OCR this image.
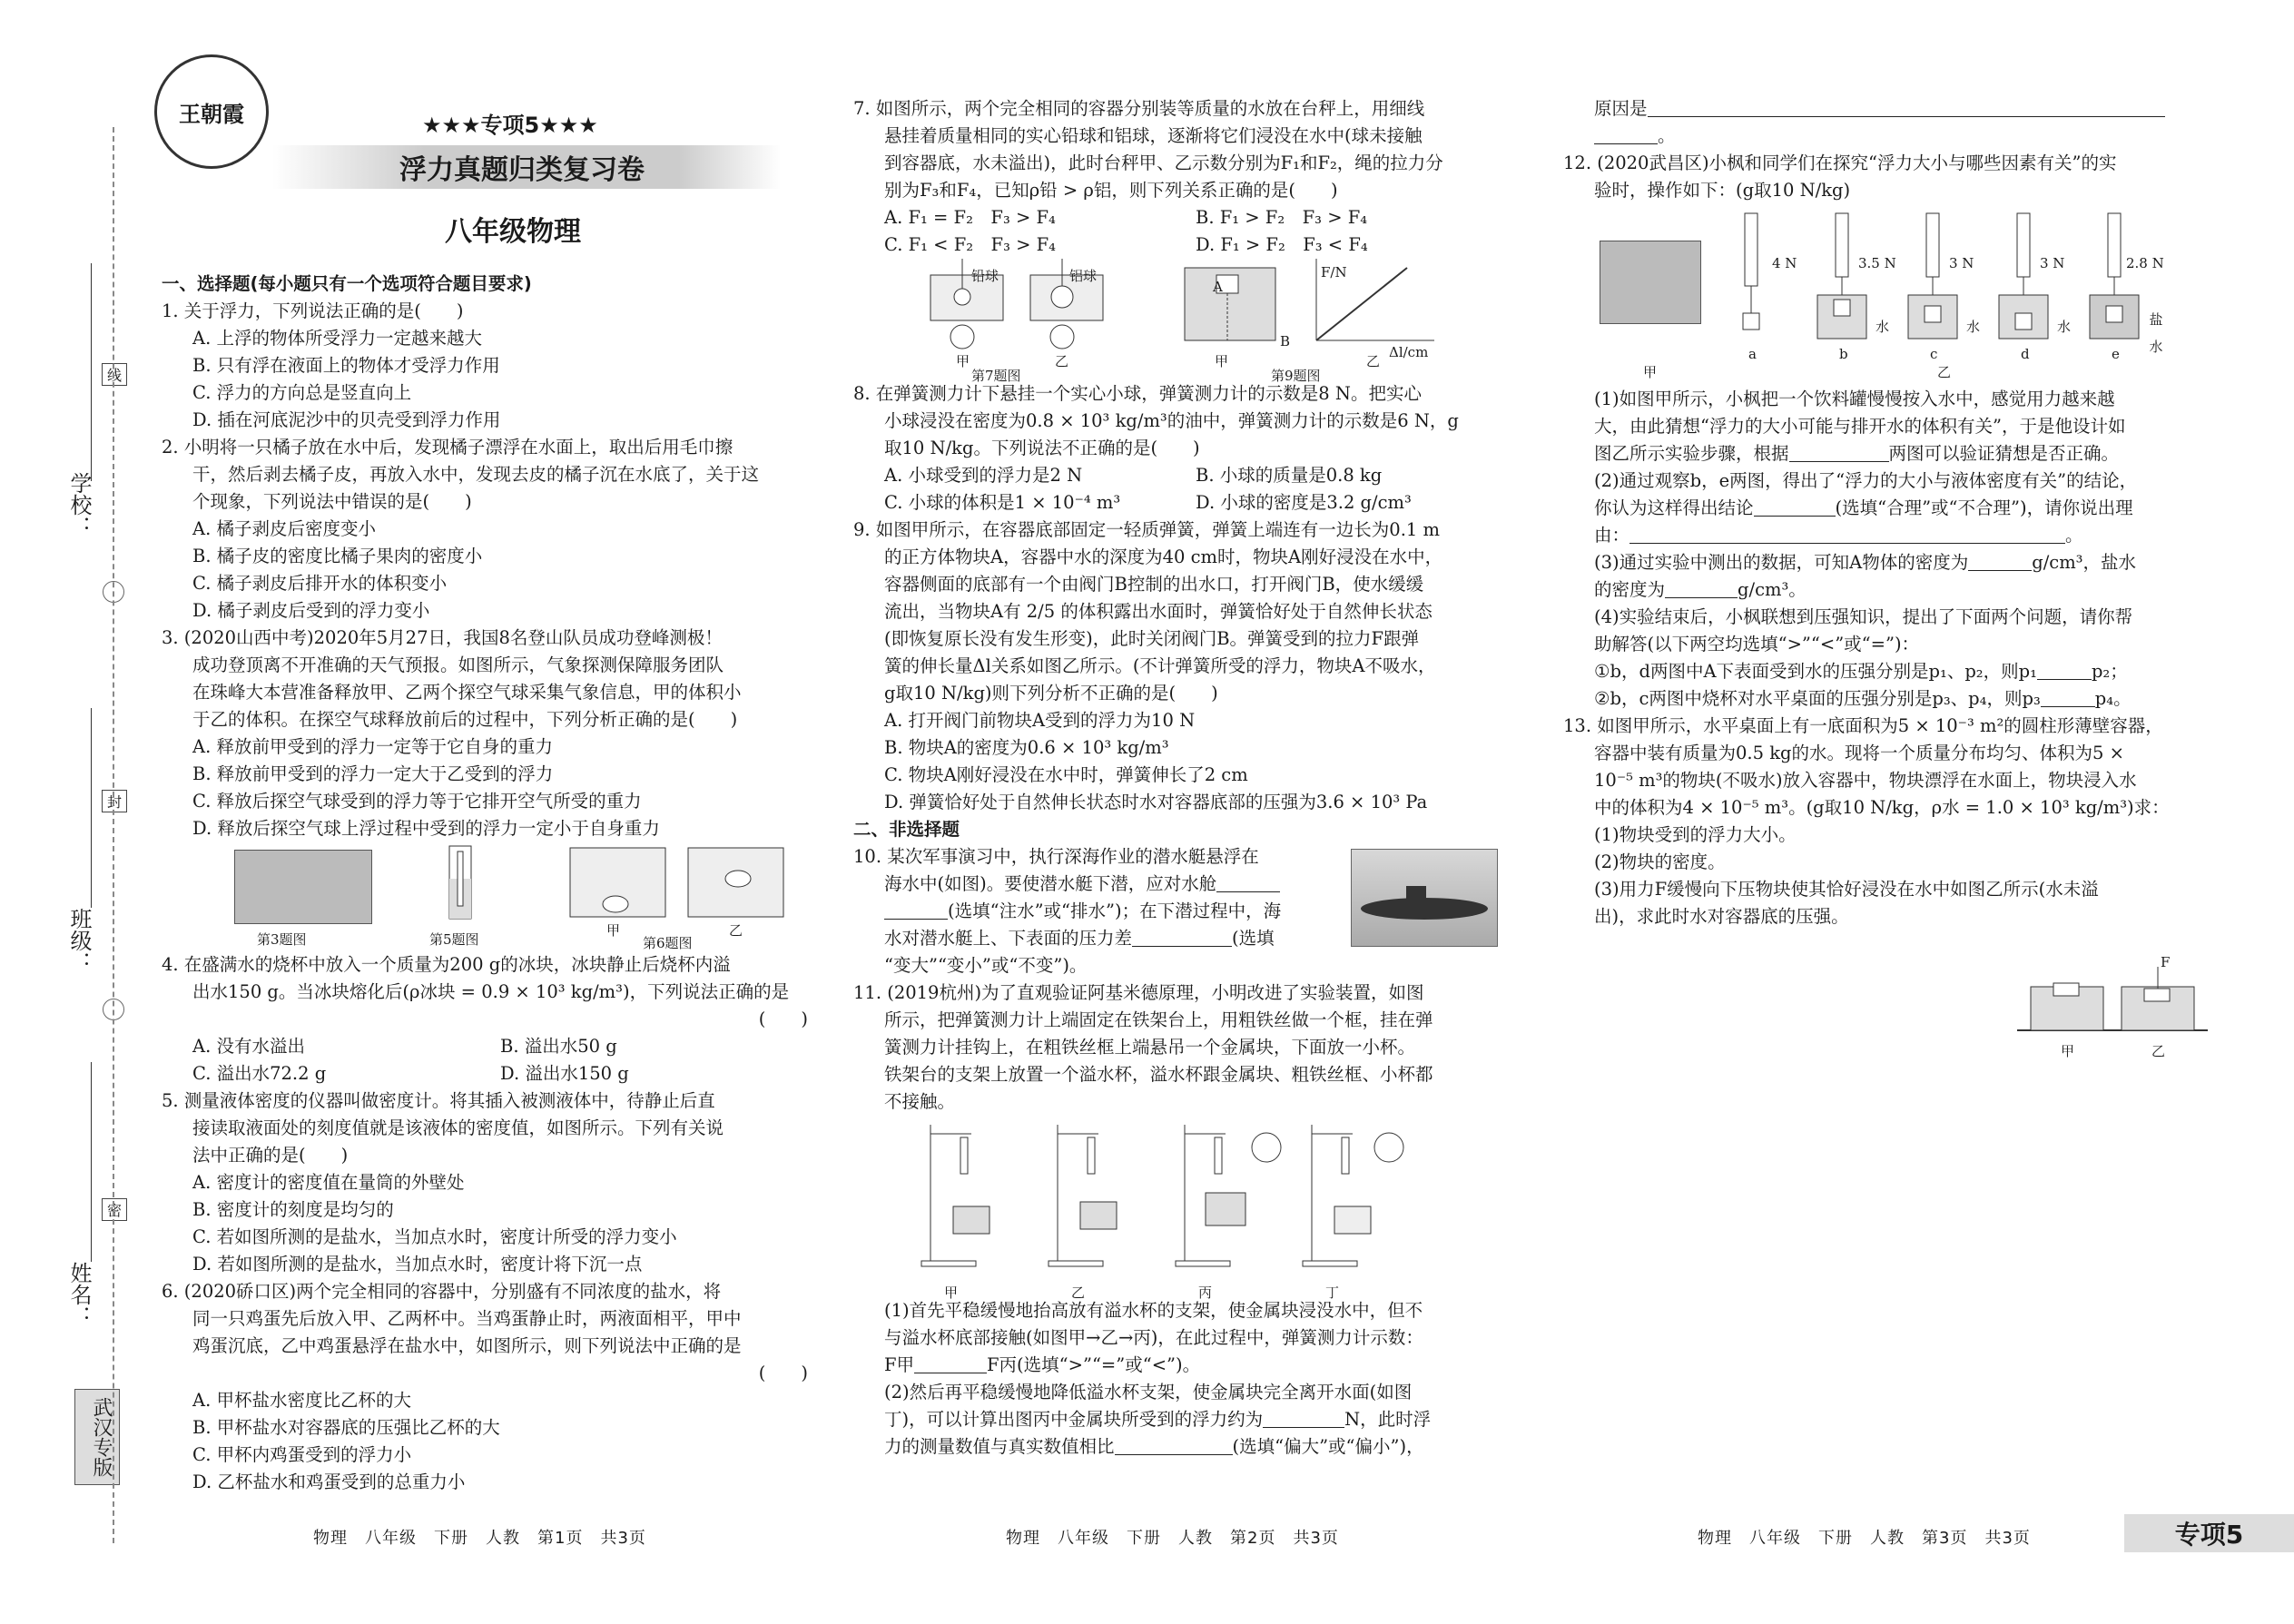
学校：
班级：
姓名：
线
封
密
武汉专版
王朝霞	★★★专项5★★★
浮力真题归类复习卷
八年级物理

一、选择题(每小题只有一个选项符合题目要求)

1. 关于浮力，下列说法正确的是(　　)

A. 上浮的物体所受浮力一定越来越大

B. 只有浮在液面上的物体才受浮力作用

C. 浮力的方向总是竖直向上

D. 插在河底泥沙中的贝壳受到浮力作用

2. 小明将一只橘子放在水中后，发现橘子漂浮在水面上，取出后用毛巾擦

干，然后剥去橘子皮，再放入水中，发现去皮的橘子沉在水底了，关于这

个现象，下列说法中错误的是(　　)

A. 橘子剥皮后密度变小

B. 橘子皮的密度比橘子果肉的密度小

C. 橘子剥皮后排开水的体积变小

D. 橘子剥皮后受到的浮力变小

3. (2020山西中考)2020年5月27日，我国8名登山队员成功登峰测极！

成功登顶离不开准确的天气预报。如图所示，气象探测保障服务团队

在珠峰大本营准备释放甲、乙两个探空气球采集气象信息，甲的体积小

于乙的体积。在探空气球释放前后的过程中，下列分析正确的是(　　)

A. 释放前甲受到的浮力一定等于它自身的重力

B. 释放前甲受到的浮力一定大于乙受到的浮力

C. 释放后探空气球受到的浮力等于它排开空气所受的重力

D. 释放后探空气球上浮过程中受到的浮力一定小于自身重力

第3题图	第5题图
甲	乙
第6题图

4. 在盛满水的烧杯中放入一个质量为200 g的冰块，冰块静止后烧杯内溢

出水150 g。当冰块熔化后(ρ冰块 = 0.9 × 10³ kg/m³)，下列说法正确的是

(　　)

A. 没有水溢出	B. 溢出水50 g

C. 溢出水72.2 g	D. 溢出水150 g

5. 测量液体密度的仪器叫做密度计。将其插入被测液体中，待静止后直

接读取液面处的刻度值就是该液体的密度值，如图所示。下列有关说

法中正确的是(　　)

A. 密度计的密度值在量筒的外壁处

B. 密度计的刻度是均匀的

C. 若如图所测的是盐水，当加点水时，密度计所受的浮力变小

D. 若如图所测的是盐水，当加点水时，密度计将下沉一点

6. (2020硚口区)两个完全相同的容器中，分别盛有不同浓度的盐水，将

同一只鸡蛋先后放入甲、乙两杯中。当鸡蛋静止时，两液面相平，甲中

鸡蛋沉底，乙中鸡蛋悬浮在盐水中，如图所示，则下列说法中正确的是

(　　)

A. 甲杯盐水密度比乙杯的大

B. 甲杯盐水对容器底的压强比乙杯的大

C. 甲杯内鸡蛋受到的浮力小

D. 乙杯盐水和鸡蛋受到的总重力小

7. 如图所示，两个完全相同的容器分别装等质量的水放在台秤上，用细线

悬挂着质量相同的实心铅球和铝球，逐渐将它们浸没在水中(球未接触

到容器底，水未溢出)，此时台秤甲、乙示数分别为F₁和F₂，绳的拉力分

别为F₃和F₄，已知ρ铅 > ρ铝，则下列关系正确的是(　　)

A. F₁ = F₂　F₃ > F₄	B. F₁ > F₂　F₃ > F₄

C. F₁ < F₂　F₃ > F₄	D. F₁ > F₂　F₃ < F₄

铅球	铝球
甲	乙
第7题图
A
B
F/N
Δl/cm
甲	乙
第9题图

8. 在弹簧测力计下悬挂一个实心小球，弹簧测力计的示数是8 N。把实心

小球浸没在密度为0.8 × 10³ kg/m³的油中，弹簧测力计的示数是6 N，g

取10 N/kg。下列说法不正确的是(　　)

A. 小球受到的浮力是2 N	B. 小球的质量是0.8 kg

C. 小球的体积是1 × 10⁻⁴ m³	D. 小球的密度是3.2 g/cm³

9. 如图甲所示，在容器底部固定一轻质弹簧，弹簧上端连有一边长为0.1 m

的正方体物块A，容器中水的深度为40 cm时，物块A刚好浸没在水中，

容器侧面的底部有一个由阀门B控制的出水口，打开阀门B，使水缓缓

流出，当物块A有 2/5 的体积露出水面时，弹簧恰好处于自然伸长状态

(即恢复原长没有发生形变)，此时关闭阀门B。弹簧受到的拉力F跟弹

簧的伸长量Δl关系如图乙所示。(不计弹簧所受的浮力，物块A不吸水，

g取10 N/kg)则下列分析不正确的是(　　)

A. 打开阀门前物块A受到的浮力为10 N

B. 物块A的密度为0.6 × 10³ kg/m³

C. 物块A刚好浸没在水中时，弹簧伸长了2 cm

D. 弹簧恰好处于自然伸长状态时水对容器底部的压强为3.6 × 10³ Pa

二、非选择题

10. 某次军事演习中，执行深海作业的潜水艇悬浮在

海水中(如图)。要使潜水艇下潜，应对水舱

(选填“注水”或“排水”)；在下潜过程中，海

水对潜水艇上、下表面的压力差	(选填

“变大”“变小”或“不变”)。

11. (2019杭州)为了直观验证阿基米德原理，小明改进了实验装置，如图

所示，把弹簧测力计上端固定在铁架台上，用粗铁丝做一个框，挂在弹

簧测力计挂钩上，在粗铁丝框上端悬吊一个金属块，下面放一小杯。

铁架台的支架上放置一个溢水杯，溢水杯跟金属块、粗铁丝框、小杯都

不接触。

甲	乙	丙	丁

(1)首先平稳缓慢地抬高放有溢水杯的支架，使金属块浸没水中，但不

与溢水杯底部接触(如图甲→乙→丙)，在此过程中，弹簧测力计示数：

F甲	F丙(选填“>”“=”或“<”)。

(2)然后再平稳缓慢地降低溢水杯支架，使金属块完全离开水面(如图

丁)，可以计算出图丙中金属块所受到的浮力约为	N，此时浮

力的测量数值与真实数值相比	(选填“偏大”或“偏小”)，

原因是

。

12. (2020武昌区)小枫和同学们在探究“浮力大小与哪些因素有关”的实

验时，操作如下：(g取10 N/kg)

甲
4 N	3.5 N	3 N	3 N	2.8 N
水	水	水	盐水
a	b	c	d	e
乙

(1)如图甲所示，小枫把一个饮料罐慢慢按入水中，感觉用力越来越

大，由此猜想“浮力的大小可能与排开水的体积有关”，于是他设计如

图乙所示实验步骤，根据	两图可以验证猜想是否正确。

(2)通过观察b，e两图，得出了“浮力的大小与液体密度有关”的结论，

你认为这样得出结论	(选填“合理”或“不合理”)，请你说出理

由：	。

(3)通过实验中测出的数据，可知A物体的密度为	g/cm³，盐水

的密度为	g/cm³。

(4)实验结束后，小枫联想到压强知识，提出了下面两个问题，请你帮

助解答(以下两空均选填“>”“<”或“=”)：

①b，d两图中A下表面受到水的压强分别是p₁、p₂，则p₁	p₂；

②b，c两图中烧杯对水平桌面的压强分别是p₃、p₄，则p₃	p₄。

13. 如图甲所示，水平桌面上有一底面积为5 × 10⁻³ m²的圆柱形薄壁容器，

容器中装有质量为0.5 kg的水。现将一个质量分布均匀、体积为5 ×

10⁻⁵ m³的物块(不吸水)放入容器中，物块漂浮在水面上，物块浸入水

中的体积为4 × 10⁻⁵ m³。(g取10 N/kg，ρ水 = 1.0 × 10³ kg/m³)求：

(1)物块受到的浮力大小。

(2)物块的密度。

(3)用力F缓慢向下压物块使其恰好浸没在水中如图乙所示(水未溢

出)，求此时水对容器底的压强。

F
甲	乙
物理　八年级　下册　人教　第1页　共3页	物理　八年级　下册　人教　第2页　共3页	物理　八年级　下册　人教　第3页　共3页	专项5
